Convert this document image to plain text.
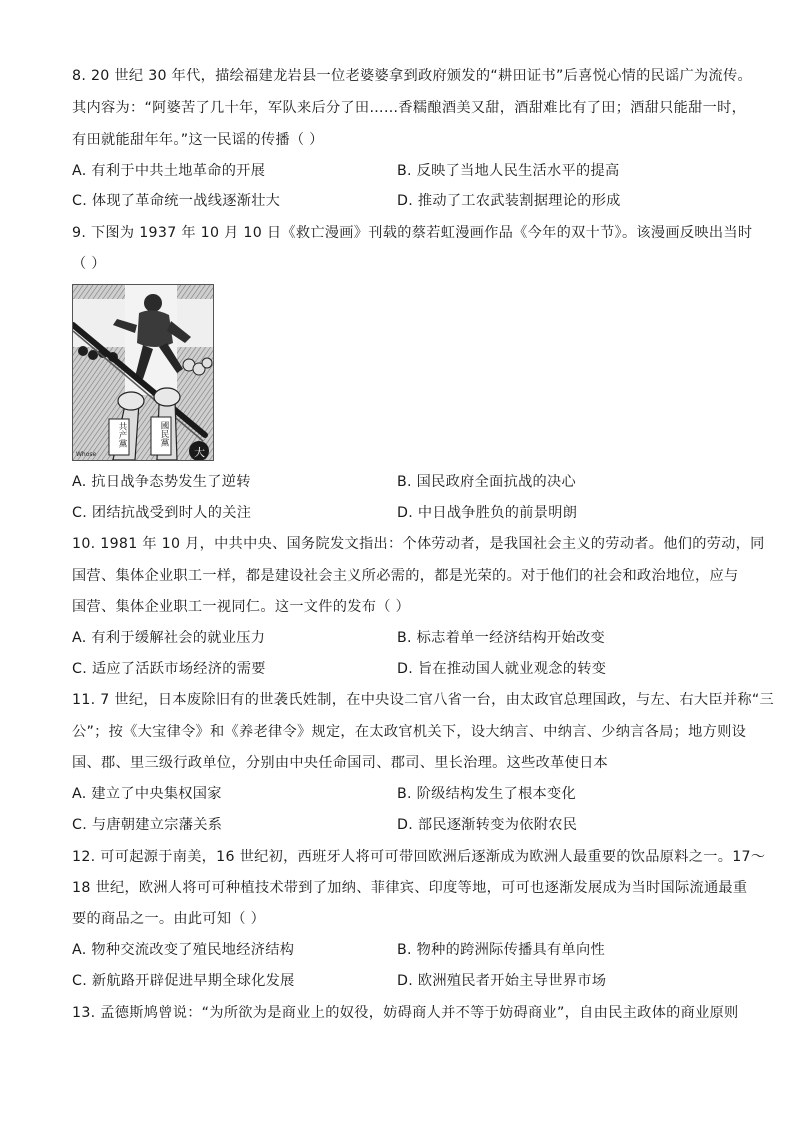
8. 20 世纪 30 年代，描绘福建龙岩县一位老婆婆拿到政府颁发的“耕田证书”后喜悦心情的民谣广为流传。
其内容为：“阿婆苦了几十年，军队来后分了田……香糯酿酒美又甜，酒甜难比有了田；酒甜只能甜一时，
有田就能甜年年。”这一民谣的传播（ ）
A. 有利于中共土地革命的开展	B. 反映了当地人民生活水平的提高
C. 体现了革命统一战线逐渐壮大	D. 推动了工农武装割据理论的形成
9. 下图为 1937 年 10 月 10 日《救亡漫画》刊载的蔡若虹漫画作品《今年的双十节》。该漫画反映出当时
（ ）
大
Whose
共产黨	國民黨
A. 抗日战争态势发生了逆转	B. 国民政府全面抗战的决心
C. 团结抗战受到时人的关注	D. 中日战争胜负的前景明朗
10. 1981 年 10 月，中共中央、国务院发文指出：个体劳动者，是我国社会主义的劳动者。他们的劳动，同
国营、集体企业职工一样，都是建设社会主义所必需的，都是光荣的。对于他们的社会和政治地位，应与
国营、集体企业职工一视同仁。这一文件的发布（ ）
A. 有利于缓解社会的就业压力	B. 标志着单一经济结构开始改变
C. 适应了活跃市场经济的需要	D. 旨在推动国人就业观念的转变
11. 7 世纪，日本废除旧有的世袭氏姓制，在中央设二官八省一台，由太政官总理国政，与左、右大臣并称“三
公”；按《大宝律令》和《养老律令》规定，在太政官机关下，设大纳言、中纳言、少纳言各局；地方则设
国、郡、里三级行政单位，分别由中央任命国司、郡司、里长治理。这些改革使日本
A. 建立了中央集权国家	B. 阶级结构发生了根本变化
C. 与唐朝建立宗藩关系	D. 部民逐渐转变为依附农民
12. 可可起源于南美，16 世纪初，西班牙人将可可带回欧洲后逐渐成为欧洲人最重要的饮品原料之一。17～
18 世纪，欧洲人将可可种植技术带到了加纳、菲律宾、印度等地，可可也逐渐发展成为当时国际流通最重
要的商品之一。由此可知（ ）
A. 物种交流改变了殖民地经济结构	B. 物种的跨洲际传播具有单向性
C. 新航路开辟促进早期全球化发展	D. 欧洲殖民者开始主导世界市场
13. 孟德斯鸠曾说：“为所欲为是商业上的奴役，妨碍商人并不等于妨碍商业”，自由民主政体的商业原则
